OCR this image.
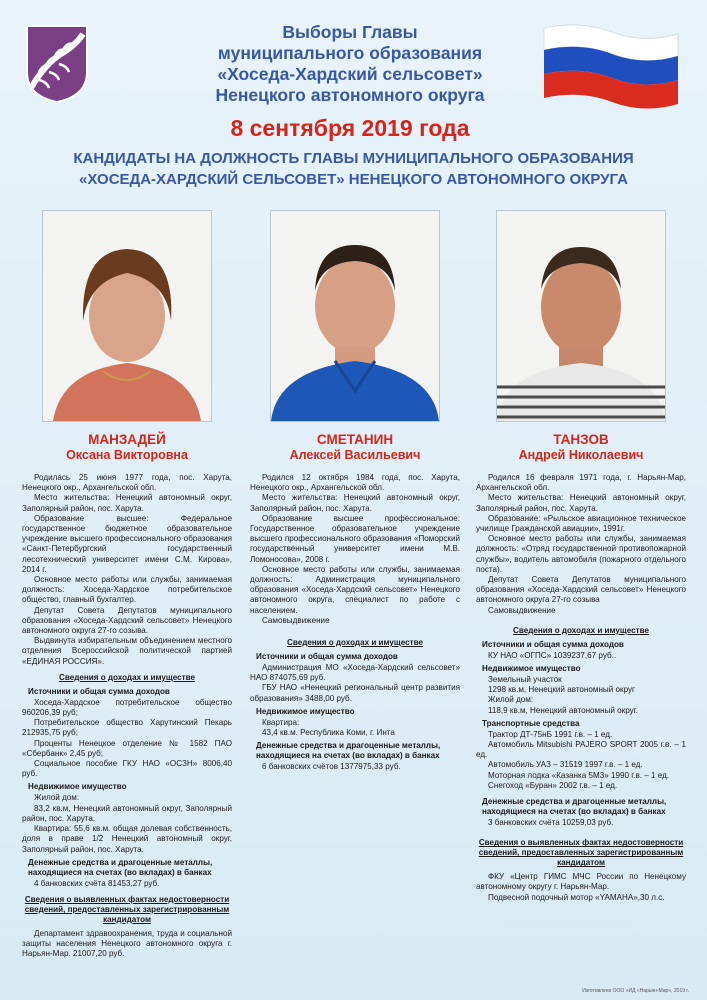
Выборы Главы
муниципального образования
«Хоседа-Хардский сельсовет»
Ненецкого автономного округа
8 сентября 2019 года
КАНДИДАТЫ НА ДОЛЖНОСТЬ ГЛАВЫ МУНИЦИПАЛЬНОГО ОБРАЗОВАНИЯ
«ХОСЕДА-ХАРДСКИЙ СЕЛЬСОВЕТ» НЕНЕЦКОГО АВТОНОМНОГО ОКРУГА
МАНЗАДЕЙ
Оксана Викторовна

Родилась 25 июня 1977 года, пос. Харута, Ненецкого окр., Архангельской обл.

Место жительства: Ненецкий автономный округ, Заполярный район, пос. Харута.

Образование высшее: Федеральное государственное бюджетное образовательное учреждение высшего профессионального образования «Санкт-Петербургский государственный лесотехнический университет имени С.М. Кирова», 2014 г.

Основное место работы или службы, занимаемая должность: Хоседа-Хардское потребительское общество, главный бухгалтер.

Депутат Совета Депутатов муниципального образования «Хоседа-Хардский сельсовет» Ненецкого автономного округа 27-го созыва.

Выдвинута избирательным объединением местного отделения Всероссийской политической партией «ЕДИНАЯ РОССИЯ».

Сведения о доходах и имуществе
Источники и общая сумма доходов

Хоседа-Хардское потребительское общество 960206,39 руб;

Потребительское общество Харутинский Пекарь 212935,75 руб;

Проценты Ненецкое отделение № 1582 ПАО «Сбербанк» 2,45 руб;

Социальное пособие ГКУ НАО «ОСЗН» 8006,40 руб.

Недвижимое имущество

Жилой дом:

83,2 кв.м, Ненецкий автономный округ, Заполярный район, пос. Харута.

Квартира: 55,6 кв.м. общая долевая собственность, доля в праве 1/2 Ненецкий автономный округ, Заполярный район, пос. Харута.

Денежные средства и драгоценные металлы, находящиеся на счетах (во вкладах) в банках

4 банковских счёта 81453,27 руб.

Сведения о выявленных фактах недостоверности сведений, предоставленных зарегистрированным кандидатом

Департамент здравоохранения, труда и социальной защиты населения Ненецкого автономного округа г. Нарьян-Мар. 21007,20 руб.

СМЕТАНИН
Алексей Васильевич

Родился 12 октября 1984 года, пос. Харута, Ненецкого окр., Архангельской обл.

Место жительства: Ненецкий автономный округ, Заполярный район, пос. Харута.

Образование высшее профессиональное: Государственное образовательное учреждение высшего профессионального образования «Поморский государственный университет имени М.В. Ломоносова», 2008 г.

Основное место работы или службы, занимаемая должность: Администрация муниципального образования «Хоседа-Хардский сельсовет» Ненецкого автономного округа, специалист по работе с населением.

Самовыдвижение

Сведения о доходах и имуществе
Источники и общая сумма доходов

Администрация МО «Хоседа-Хардский сельсовет» НАО 874075,69 руб.

ГБУ НАО «Ненецкий региональный центр развития образования» 3488,00 руб.

Недвижимое имущество

Квартира:

43,4 кв.м. Республика Коми, г. Инта

Денежные средства и драгоценные металлы, находящиеся на счетах (во вкладах) в банках

6 банковских счётов 1377975,33 руб.

ТАНЗОВ
Андрей Николаевич

Родился 16 февраля 1971 года, г. Нарьян-Мар, Архангельской обл.

Место жительства: Ненецкий автономный округ, Заполярный район, пос. Харута.

Образование: «Рыльское авиационное техническое училище Гражданской авиации», 1991г.

Основное место работы или службы, занимаемая должность: «Отряд государственной противопожарной службы», водитель автомобиля (пожарного отдельного поста).

Депутат Совета Депутатов муниципального образования «Хоседа-Хардский сельсовет» Ненецкого автономного округа 27-го созыва

Самовыдвижение

Сведения о доходах и имуществе
Источники и общая сумма доходов

КУ НАО «ОГПС» 1039237,67 руб..

Недвижимое имущество

Земельный участок

1298 кв.м, Ненецкий автономный округ

Жилой дом:

118,9 кв.м, Ненецкий автономный округ.

Транспортные средства

Трактор ДТ-75нБ 1991 г.в. – 1 ед.

Автомобиль Mitsubishi PAJERO SPORT 2005 г.в. – 1 ед.

Автомобиль УАЗ – 31519 1997 г.в. – 1 ед.

Моторная лодка «Казанка 5М3» 1990 г.в. – 1 ед.

Снегоход «Буран» 2002 г.в. – 1 ед.

Денежные средства и драгоценные металлы, находящиеся на счетах (во вкладах) в банках

3 банковских счёта 10259,03 руб.

Сведения о выявленных фактах недостоверности сведений, предоставленных зарегистрированным кандидатом

ФКУ «Центр ГИМС МЧС России по Ненецкому автономному округу г. Нарьян-Мар.

Подвесной подочный мотор «YAMAHA»,30 л.с.

Изготовлено ООО «ИД «Нарьян-Мар», 2019 г.
